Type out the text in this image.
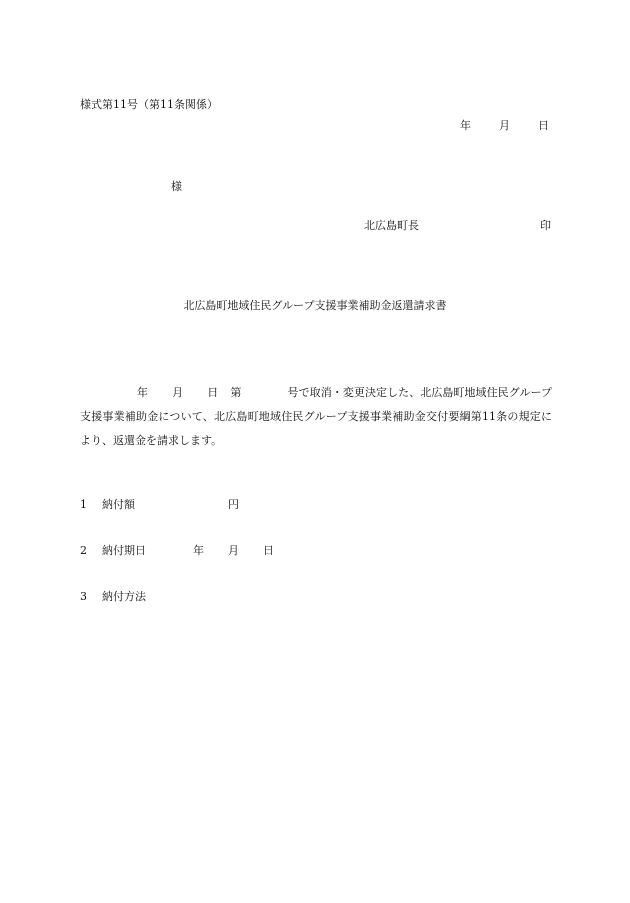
様式第11号（第11条関係）
年	月	日
様
北広島町長	印
北広島町地域住民グループ支援事業補助金返還請求書
年 月 日 第	号で取消・変更決定した、北広島町地域住民グループ支援事業補助金について、北広島町地域住民グループ支援事業補助金交付要綱第11条の規定により、返還金を請求します。
1 納付額	円
2 納付期日	年 月 日
3 納付方法
